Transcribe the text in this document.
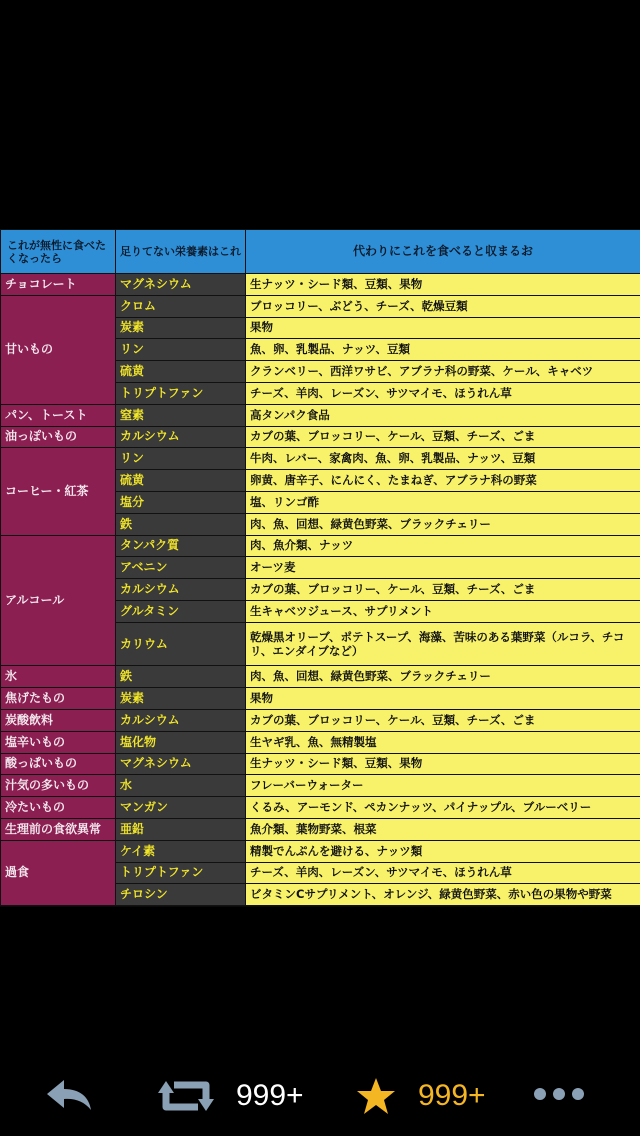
これが無性に食べたくなったら	足りてない栄養素はこれ	代わりにこれを食べると収まるお
チョコレート	マグネシウム	生ナッツ・シード類、豆類、果物
甘いもの	クロム	ブロッコリー、ぶどう、チーズ、乾燥豆類
	炭素	果物
	リン	魚、卵、乳製品、ナッツ、豆類
	硫黄	クランベリー、西洋ワサビ、アブラナ科の野菜、ケール、キャベツ
	トリプトファン	チーズ、羊肉、レーズン、サツマイモ、ほうれん草
パン、トースト	窒素	高タンパク食品
油っぽいもの	カルシウム	カブの葉、ブロッコリー、ケール、豆類、チーズ、ごま
コーヒー・紅茶	リン	牛肉、レバー、家禽肉、魚、卵、乳製品、ナッツ、豆類
	硫黄	卵黄、唐辛子、にんにく、たまねぎ、アブラナ科の野菜
	塩分	塩、リンゴ酢
	鉄	肉、魚、回想、緑黄色野菜、ブラックチェリー
アルコール	タンパク質	肉、魚介類、ナッツ
	アベニン	オーツ麦
	カルシウム	カブの葉、ブロッコリー、ケール、豆類、チーズ、ごま
	グルタミン	生キャベツジュース、サプリメント
	カリウム	乾燥黒オリーブ、ポテトスープ、海藻、苦味のある葉野菜（ルコラ、チコリ、エンダイブなど）
氷	鉄	肉、魚、回想、緑黄色野菜、ブラックチェリー
焦げたもの	炭素	果物
炭酸飲料	カルシウム	カブの葉、ブロッコリー、ケール、豆類、チーズ、ごま
塩辛いもの	塩化物	生ヤギ乳、魚、無精製塩
酸っぱいもの	マグネシウム	生ナッツ・シード類、豆類、果物
汁気の多いもの	水	フレーバーウォーター
冷たいもの	マンガン	くるみ、アーモンド、ペカンナッツ、パイナップル、ブルーベリー
生理前の食欲異常	亜鉛	魚介類、葉物野菜、根菜
過食	ケイ素	精製でんぷんを避ける、ナッツ類
	トリプトファン	チーズ、羊肉、レーズン、サツマイモ、ほうれん草
	チロシン	ビタミンCサプリメント、オレンジ、緑黄色野菜、赤い色の果物や野菜
999+	999+
